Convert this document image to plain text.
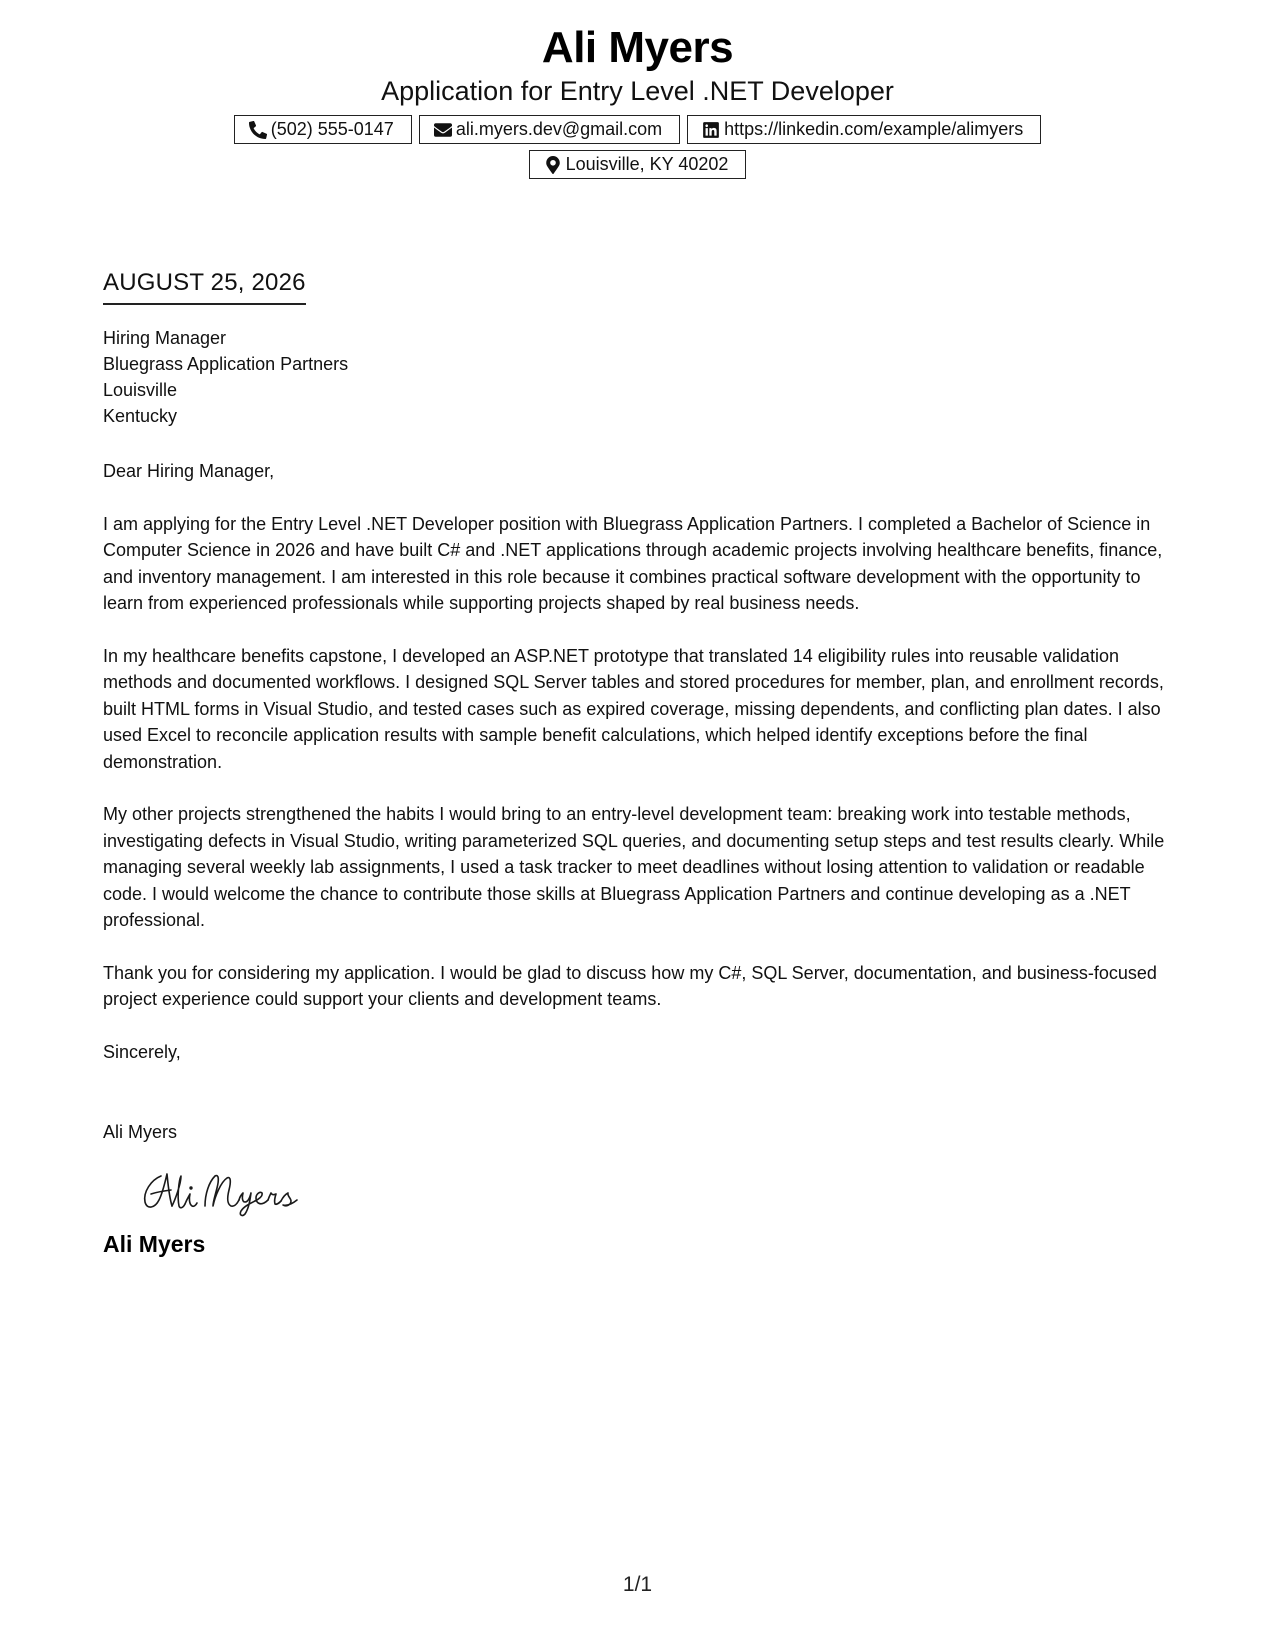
Ali Myers
Application for Entry Level .NET Developer
(502) 555-0147	ali.myers.dev@gmail.com	https://linkedin.com/example/alimyers
Louisville, KY 40202
AUGUST 25, 2026
Hiring Manager
Bluegrass Application Partners
Louisville
Kentucky
Dear Hiring Manager,

I am applying for the Entry Level .NET Developer position with Bluegrass Application Partners. I completed a Bachelor of Science in Computer Science in 2026 and have built C# and .NET applications through academic projects involving healthcare benefits, finance, and inventory management. I am interested in this role because it combines practical software development with the opportunity to learn from experienced professionals while supporting projects shaped by real business needs.

In my healthcare benefits capstone, I developed an ASP.NET prototype that translated 14 eligibility rules into reusable validation methods and documented workflows. I designed SQL Server tables and stored procedures for member, plan, and enrollment records, built HTML forms in Visual Studio, and tested cases such as expired coverage, missing dependents, and conflicting plan dates. I also used Excel to reconcile application results with sample benefit calculations, which helped identify exceptions before the final demonstration.

My other projects strengthened the habits I would bring to an entry-level development team: breaking work into testable methods, investigating defects in Visual Studio, writing parameterized SQL queries, and documenting setup steps and test results clearly. While managing several weekly lab assignments, I used a task tracker to meet deadlines without losing attention to validation or readable code. I would welcome the chance to contribute those skills at Bluegrass Application Partners and continue developing as a .NET professional.

Thank you for considering my application. I would be glad to discuss how my C#, SQL Server, documentation, and business-focused project experience could support your clients and development teams.

Sincerely,
Ali Myers
Ali Myers
1/1
